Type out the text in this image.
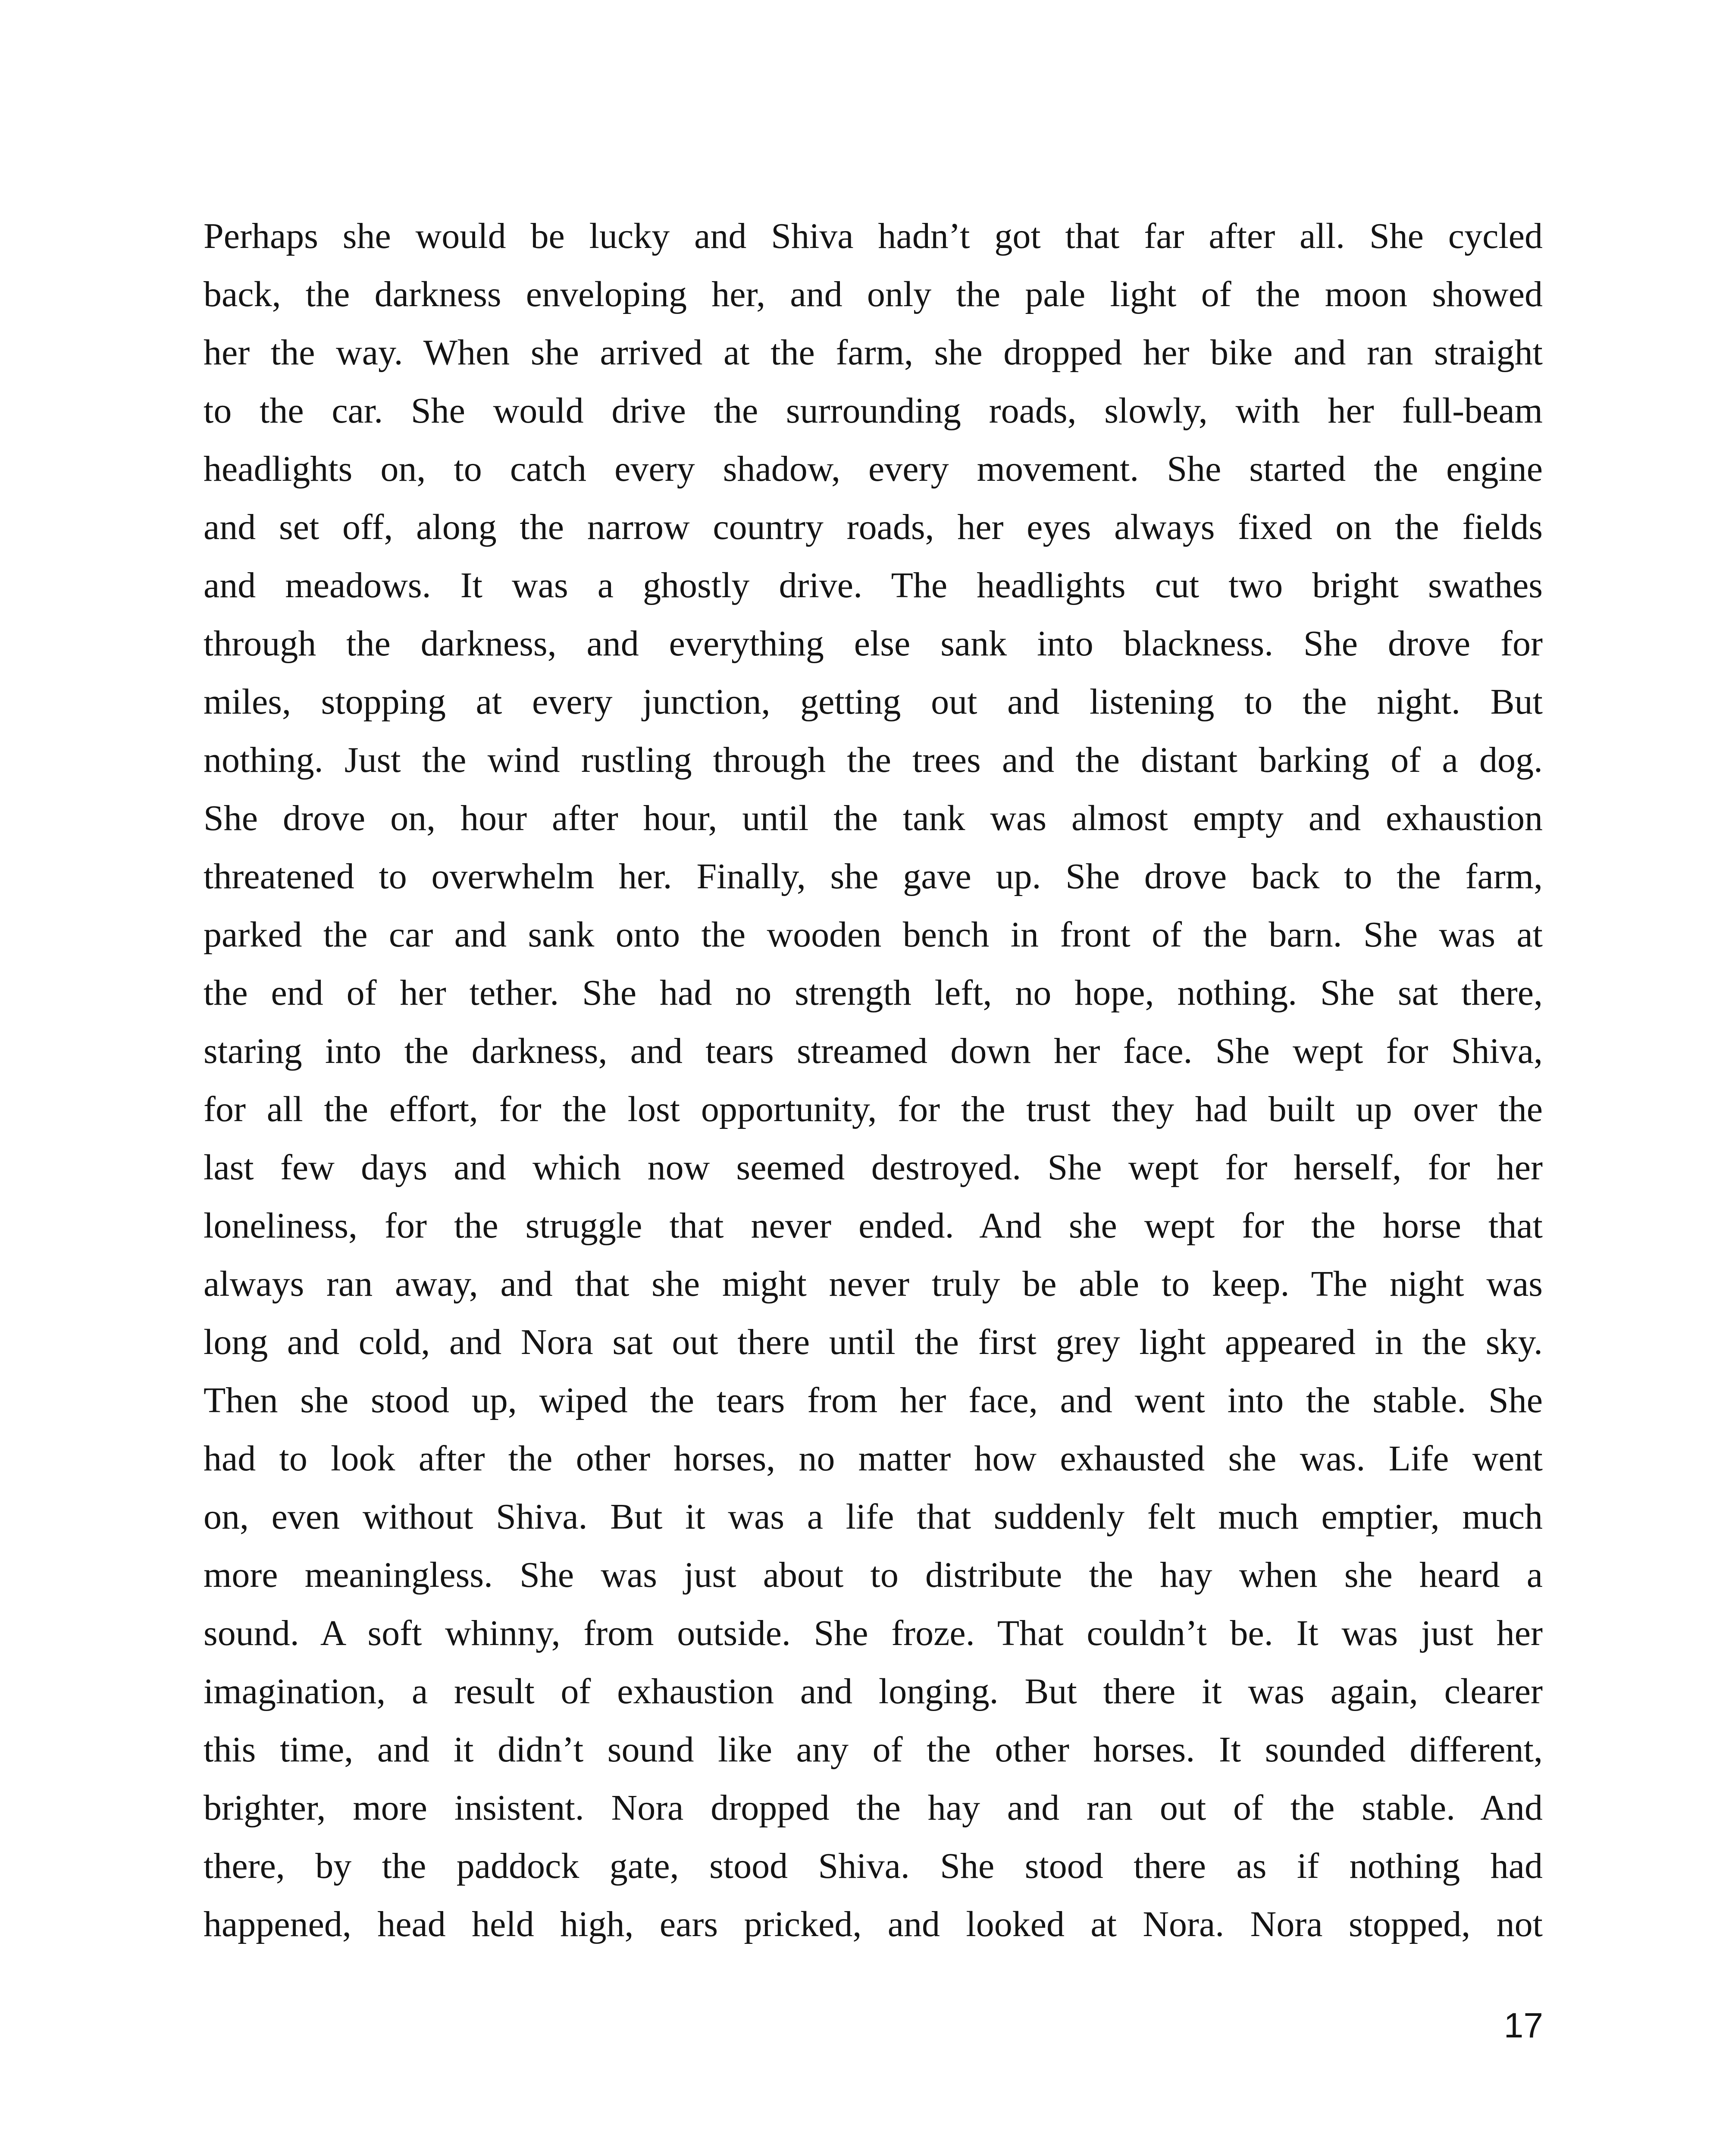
Perhaps she would be lucky and Shiva hadn’t got that far after all. She cycled
back, the darkness enveloping her, and only the pale light of the moon showed
her the way. When she arrived at the farm, she dropped her bike and ran straight
to the car. She would drive the surrounding roads, slowly, with her full-beam
headlights on, to catch every shadow, every movement. She started the engine
and set off, along the narrow country roads, her eyes always fixed on the fields
and meadows. It was a ghostly drive. The headlights cut two bright swathes
through the darkness, and everything else sank into blackness. She drove for
miles, stopping at every junction, getting out and listening to the night. But
nothing. Just the wind rustling through the trees and the distant barking of a dog.
She drove on, hour after hour, until the tank was almost empty and exhaustion
threatened to overwhelm her. Finally, she gave up. She drove back to the farm,
parked the car and sank onto the wooden bench in front of the barn. She was at
the end of her tether. She had no strength left, no hope, nothing. She sat there,
staring into the darkness, and tears streamed down her face. She wept for Shiva,
for all the effort, for the lost opportunity, for the trust they had built up over the
last few days and which now seemed destroyed. She wept for herself, for her
loneliness, for the struggle that never ended. And she wept for the horse that
always ran away, and that she might never truly be able to keep. The night was
long and cold, and Nora sat out there until the first grey light appeared in the sky.
Then she stood up, wiped the tears from her face, and went into the stable. She
had to look after the other horses, no matter how exhausted she was. Life went
on, even without Shiva. But it was a life that suddenly felt much emptier, much
more meaningless. She was just about to distribute the hay when she heard a
sound. A soft whinny, from outside. She froze. That couldn’t be. It was just her
imagination, a result of exhaustion and longing. But there it was again, clearer
this time, and it didn’t sound like any of the other horses. It sounded different,
brighter, more insistent. Nora dropped the hay and ran out of the stable. And
there, by the paddock gate, stood Shiva. She stood there as if nothing had
happened, head held high, ears pricked, and looked at Nora. Nora stopped, not
17
